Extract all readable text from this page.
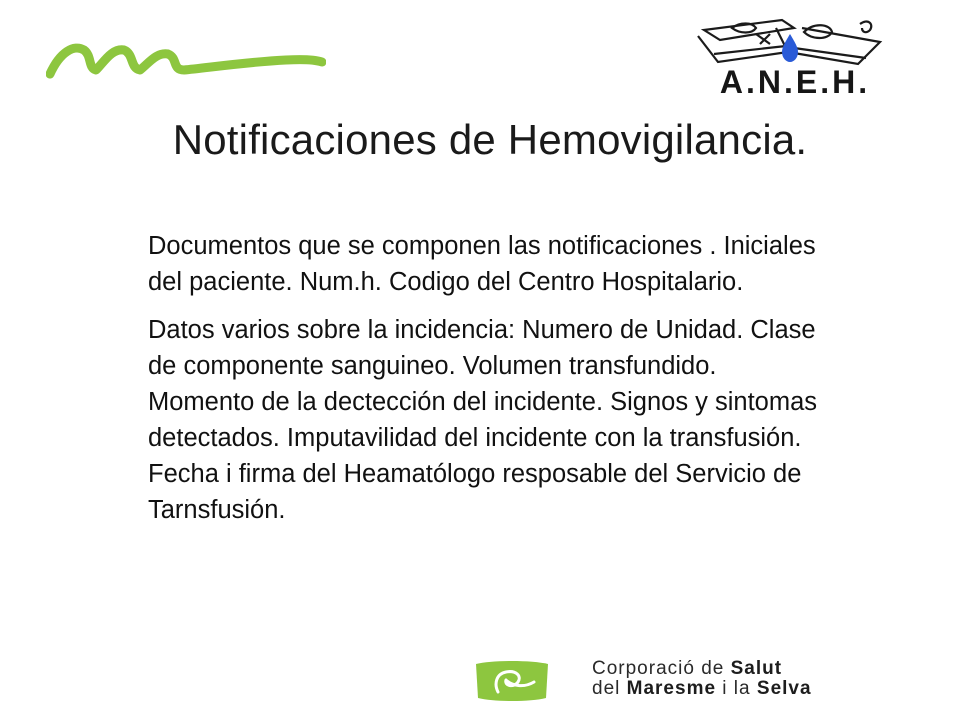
A.N.E.H.
Notificaciones de Hemovigilancia.

Documentos que se componen las notificaciones . Iniciales del paciente. Num.h. Codigo del Centro Hospitalario.

Datos varios sobre la incidencia: Numero de Unidad. Clase de componente sanguineo. Volumen transfundido. Momento de la dectección del incidente. Signos y sintomas detectados. Imputavilidad del incidente con la transfusión. Fecha i firma del Heamatólogo resposable del Servicio de Tarnsfusión.

Corporació de Salut
del Maresme i la Selva
